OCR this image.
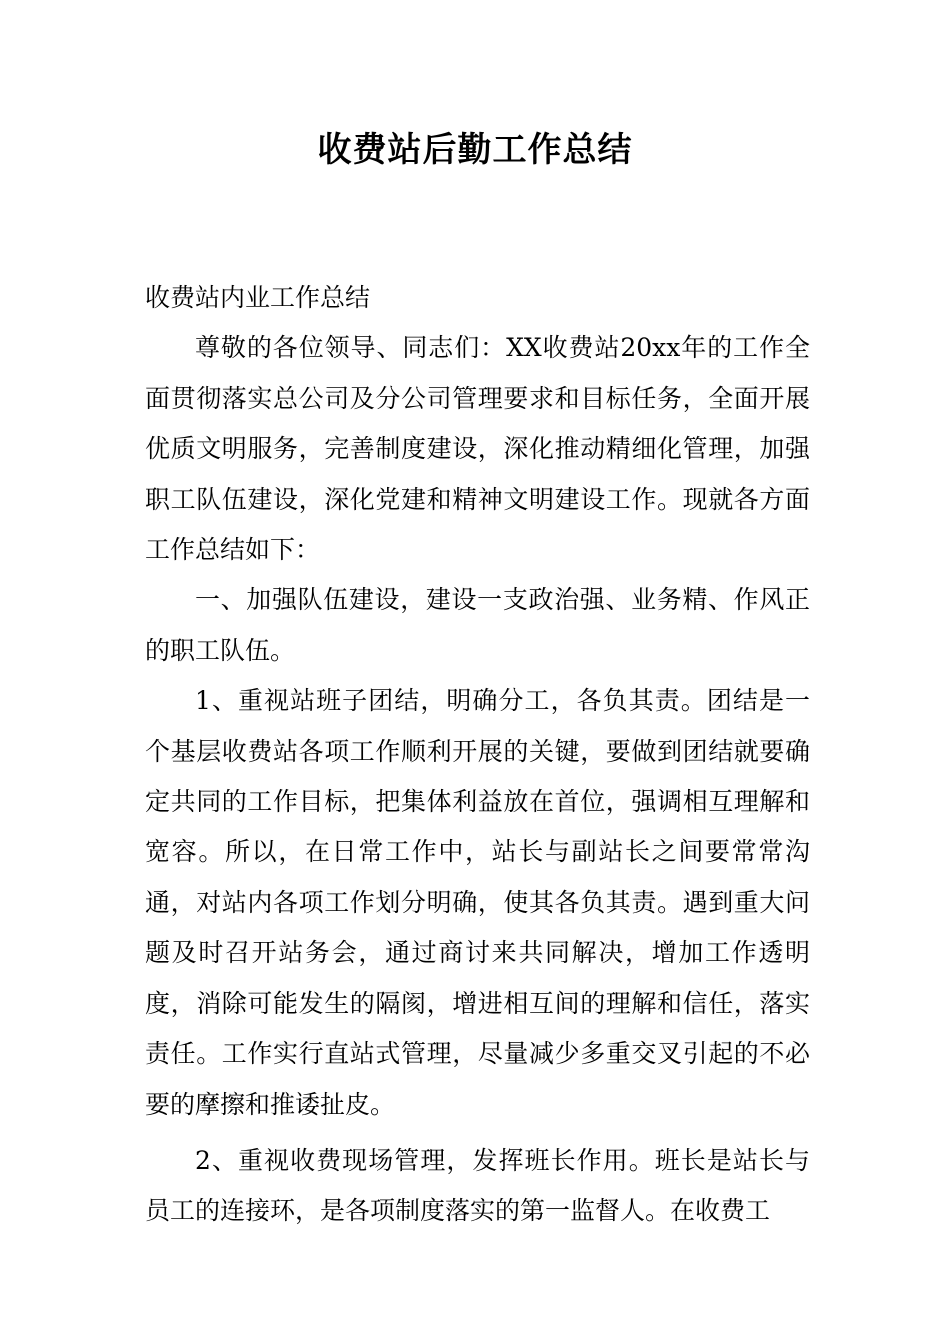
收费站后勤工作总结

收费站内业工作总结

尊敬的各位领导、同志们：XX收费站20xx年的工作全面贯彻落实总公司及分公司管理要求和目标任务，全面开展优质文明服务，完善制度建设，深化推动精细化管理，加强职工队伍建设，深化党建和精神文明建设工作。现就各方面工作总结如下：

一、加强队伍建设，建设一支政治强、业务精、作风正的职工队伍。

1、重视站班子团结，明确分工，各负其责。团结是一个基层收费站各项工作顺利开展的关键，要做到团结就要确定共同的工作目标，把集体利益放在首位，强调相互理解和宽容。所以，在日常工作中，站长与副站长之间要常常沟通，对站内各项工作划分明确，使其各负其责。遇到重大问题及时召开站务会，通过商讨来共同解决，增加工作透明度，消除可能发生的隔阂，增进相互间的理解和信任，落实责任。工作实行直站式管理，尽量减少多重交叉引起的不必要的摩擦和推诿扯皮。

2、重视收费现场管理，发挥班长作用。班长是站长与员工的连接环，是各项制度落实的第一监督人。在收费工
